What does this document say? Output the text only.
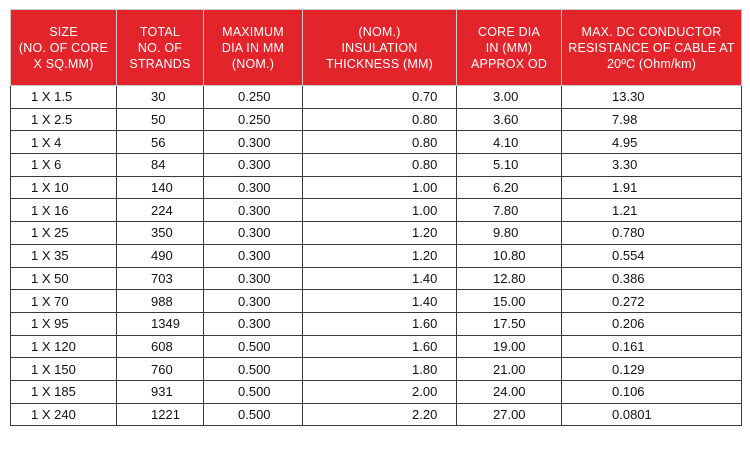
SIZE
(NO. OF CORE
X SQ.MM)	TOTAL
NO. OF
STRANDS	MAXIMUM
DIA IN MM
(NOM.)	(NOM.)
INSULATION
THICKNESS (MM)	CORE DIA
IN (MM)
APPROX OD	MAX. DC CONDUCTOR
RESISTANCE OF CABLE AT
20ºC (Ohm/km)
1 X 1.5	30	0.250	0.70	3.00	13.30
1 X 2.5	50	0.250	0.80	3.60	7.98
1 X 4	56	0.300	0.80	4.10	4.95
1 X 6	84	0.300	0.80	5.10	3.30
1 X 10	140	0.300	1.00	6.20	1.91
1 X 16	224	0.300	1.00	7.80	1.21
1 X 25	350	0.300	1.20	9.80	0.780
1 X 35	490	0.300	1.20	10.80	0.554
1 X 50	703	0.300	1.40	12.80	0.386
1 X 70	988	0.300	1.40	15.00	0.272
1 X 95	1349	0.300	1.60	17.50	0.206
1 X 120	608	0.500	1.60	19.00	0.161
1 X 150	760	0.500	1.80	21.00	0.129
1 X 185	931	0.500	2.00	24.00	0.106
1 X 240	1221	0.500	2.20	27.00	0.0801
